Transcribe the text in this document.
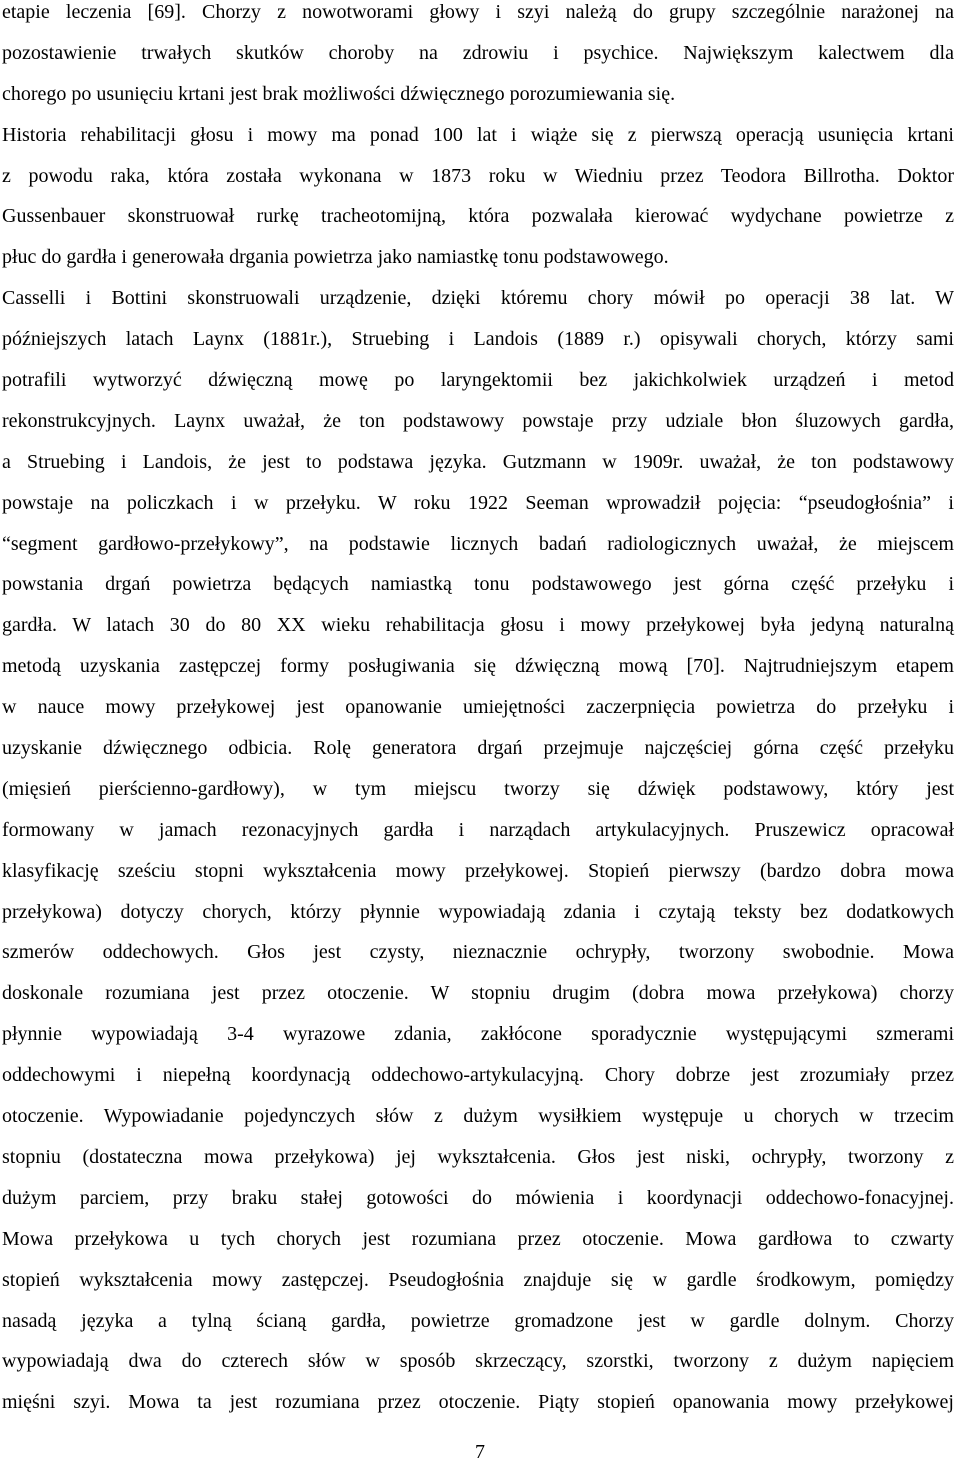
etapie leczenia [69]. Chorzy z nowotworami głowy i szyi należą do grupy szczególnie narażonej na
pozostawienie trwałych skutków choroby na zdrowiu i psychice. Największym kalectwem dla
chorego po usunięciu krtani jest brak możliwości dźwięcznego porozumiewania się.
Historia rehabilitacji głosu i mowy ma ponad 100 lat i wiąże się z pierwszą operacją usunięcia krtani
z powodu raka, która została wykonana w 1873 roku w Wiedniu przez Teodora Billrotha. Doktor
Gussenbauer skonstruował rurkę tracheotomijną, która pozwalała kierować wydychane powietrze z
płuc do gardła i generowała drgania powietrza jako namiastkę tonu podstawowego.
Casselli i Bottini skonstruowali urządzenie, dzięki któremu chory mówił po operacji 38 lat. W
późniejszych latach Laynx (1881r.), Struebing i Landois (1889 r.) opisywali chorych, którzy sami
potrafili wytworzyć dźwięczną mowę po laryngektomii bez jakichkolwiek urządzeń i metod
rekonstrukcyjnych. Laynx uważał, że ton podstawowy powstaje przy udziale błon śluzowych gardła,
a Struebing i Landois, że jest to podstawa języka. Gutzmann w 1909r. uważał, że ton podstawowy
powstaje na policzkach i w przełyku. W roku 1922 Seeman wprowadził pojęcia: “pseudogłośnia” i
“segment gardłowo-przełykowy”, na podstawie licznych badań radiologicznych uważał, że miejscem
powstania drgań powietrza będących namiastką tonu podstawowego jest górna część przełyku i
gardła. W latach 30 do 80 XX wieku rehabilitacja głosu i mowy przełykowej była jedyną naturalną
metodą uzyskania zastępczej formy posługiwania się dźwięczną mową [70]. Najtrudniejszym etapem
w nauce mowy przełykowej jest opanowanie umiejętności zaczerpnięcia powietrza do przełyku i
uzyskanie dźwięcznego odbicia. Rolę generatora drgań przejmuje najczęściej górna część przełyku
(mięsień pierścienno-gardłowy), w tym miejscu tworzy się dźwięk podstawowy, który jest
formowany w jamach rezonacyjnych gardła i narządach artykulacyjnych. Pruszewicz opracował
klasyfikację sześciu stopni wykształcenia mowy przełykowej. Stopień pierwszy (bardzo dobra mowa
przełykowa) dotyczy chorych, którzy płynnie wypowiadają zdania i czytają teksty bez dodatkowych
szmerów oddechowych. Głos jest czysty, nieznacznie ochrypły, tworzony swobodnie. Mowa
doskonale rozumiana jest przez otoczenie. W stopniu drugim (dobra mowa przełykowa) chorzy
płynnie wypowiadają 3-4 wyrazowe zdania, zakłócone sporadycznie występującymi szmerami
oddechowymi i niepełną koordynacją oddechowo-artykulacyjną. Chory dobrze jest zrozumiały przez
otoczenie. Wypowiadanie pojedynczych słów z dużym wysiłkiem występuje u chorych w trzecim
stopniu (dostateczna mowa przełykowa) jej wykształcenia. Głos jest niski, ochrypły, tworzony z
dużym parciem, przy braku stałej gotowości do mówienia i koordynacji oddechowo-fonacyjnej.
Mowa przełykowa u tych chorych jest rozumiana przez otoczenie. Mowa gardłowa to czwarty
stopień wykształcenia mowy zastępczej. Pseudogłośnia znajduje się w gardle środkowym, pomiędzy
nasadą języka a tylną ścianą gardła, powietrze gromadzone jest w gardle dolnym. Chorzy
wypowiadają dwa do czterech słów w sposób skrzeczący, szorstki, tworzony z dużym napięciem
mięśni szyi. Mowa ta jest rozumiana przez otoczenie. Piąty stopień opanowania mowy przełykowej
7
